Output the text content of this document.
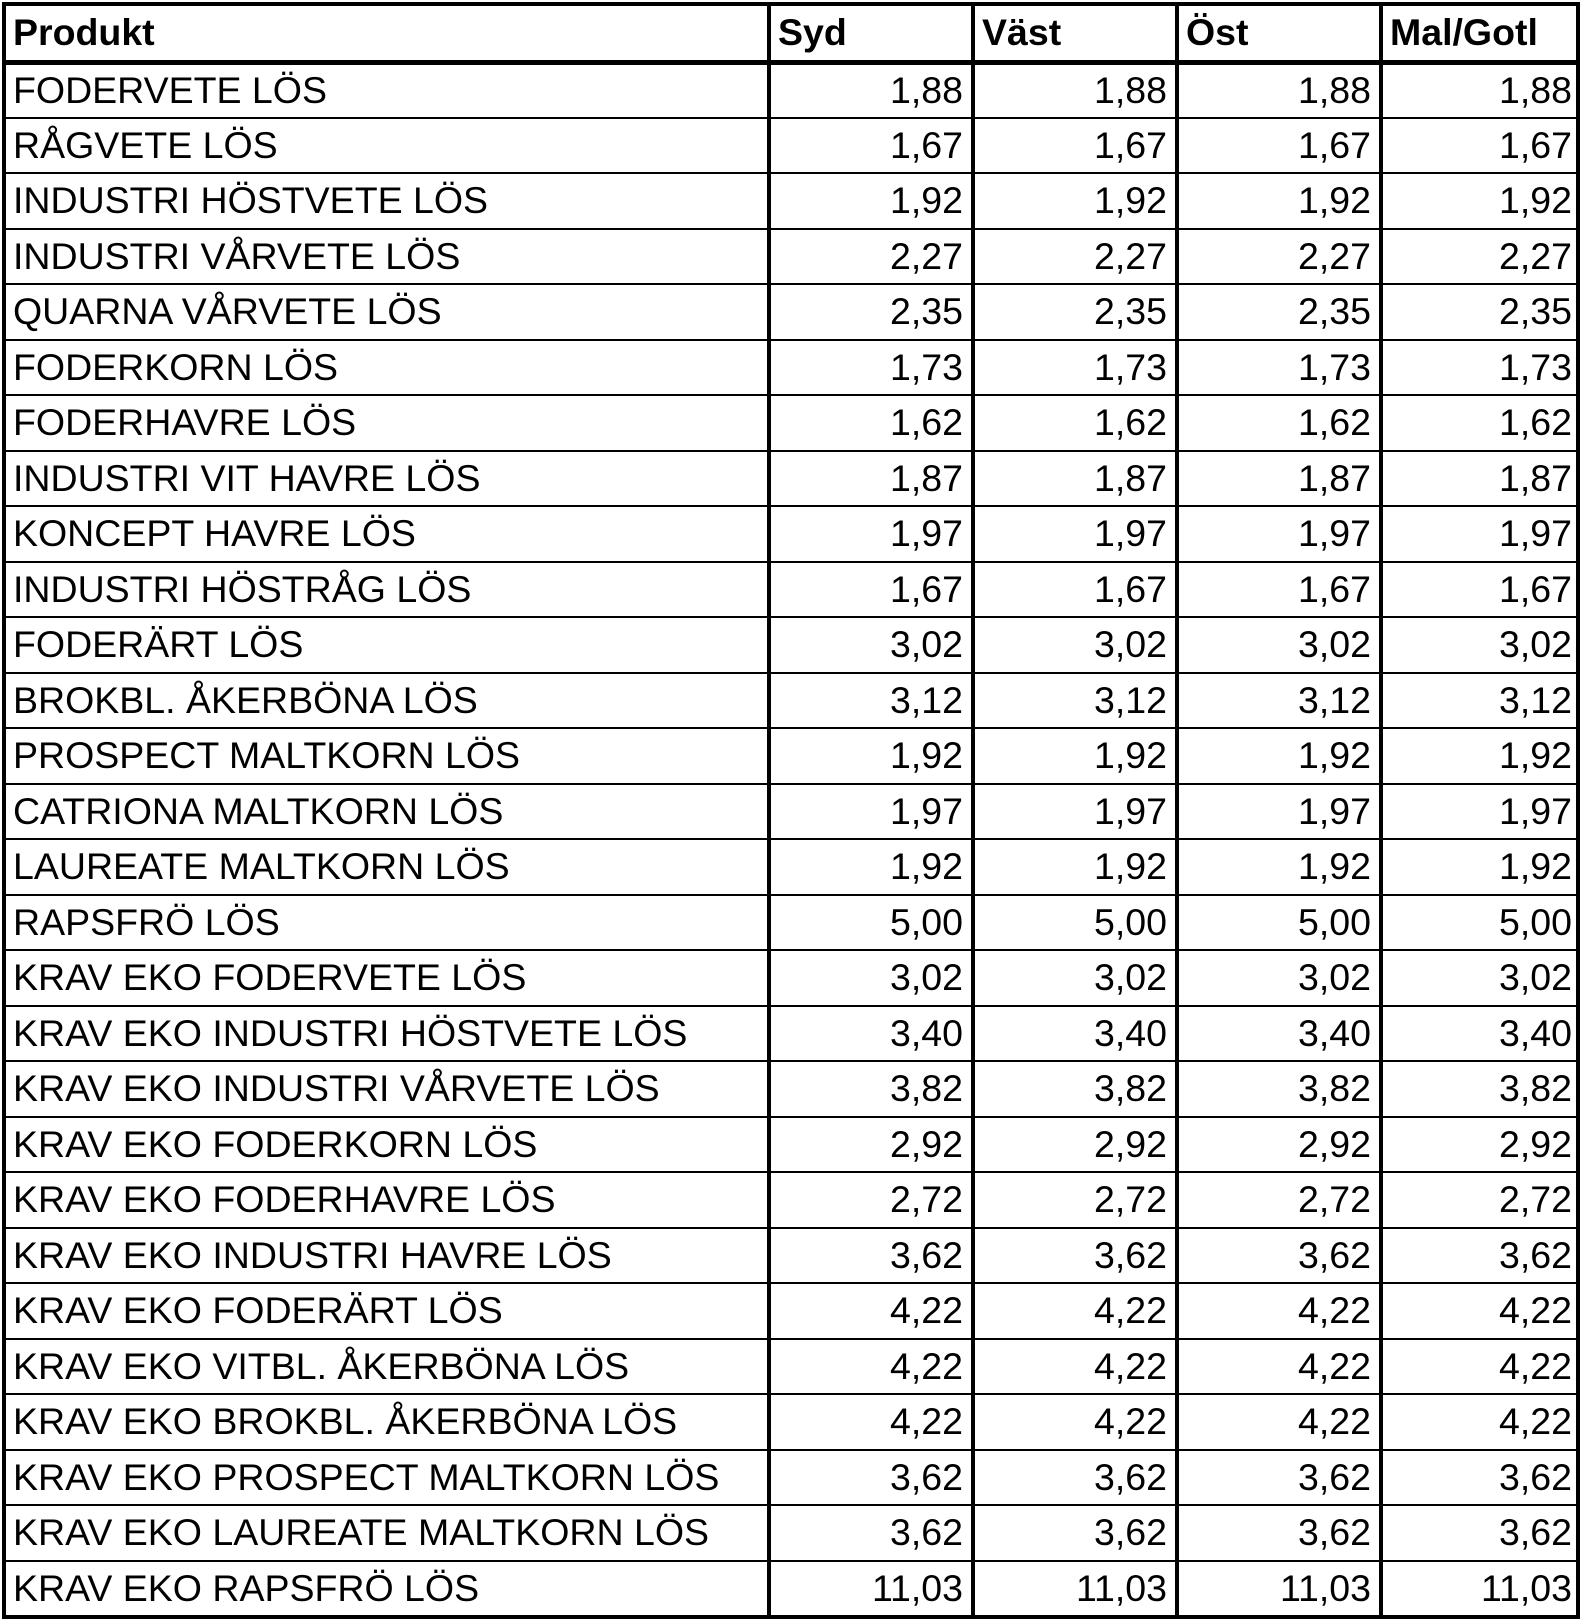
Produkt	Syd	Väst	Öst	Mal/Gotl
FODERVETE LÖS	1,88	1,88	1,88	1,88
RÅGVETE LÖS	1,67	1,67	1,67	1,67
INDUSTRI HÖSTVETE LÖS	1,92	1,92	1,92	1,92
INDUSTRI VÅRVETE LÖS	2,27	2,27	2,27	2,27
QUARNA VÅRVETE LÖS	2,35	2,35	2,35	2,35
FODERKORN LÖS	1,73	1,73	1,73	1,73
FODERHAVRE LÖS	1,62	1,62	1,62	1,62
INDUSTRI VIT HAVRE LÖS	1,87	1,87	1,87	1,87
KONCEPT HAVRE LÖS	1,97	1,97	1,97	1,97
INDUSTRI HÖSTRÅG LÖS	1,67	1,67	1,67	1,67
FODERÄRT LÖS	3,02	3,02	3,02	3,02
BROKBL. ÅKERBÖNA LÖS	3,12	3,12	3,12	3,12
PROSPECT MALTKORN LÖS	1,92	1,92	1,92	1,92
CATRIONA MALTKORN LÖS	1,97	1,97	1,97	1,97
LAUREATE MALTKORN LÖS	1,92	1,92	1,92	1,92
RAPSFRÖ LÖS	5,00	5,00	5,00	5,00
KRAV EKO FODERVETE LÖS	3,02	3,02	3,02	3,02
KRAV EKO INDUSTRI HÖSTVETE LÖS	3,40	3,40	3,40	3,40
KRAV EKO INDUSTRI VÅRVETE LÖS	3,82	3,82	3,82	3,82
KRAV EKO FODERKORN LÖS	2,92	2,92	2,92	2,92
KRAV EKO FODERHAVRE LÖS	2,72	2,72	2,72	2,72
KRAV EKO INDUSTRI HAVRE LÖS	3,62	3,62	3,62	3,62
KRAV EKO FODERÄRT LÖS	4,22	4,22	4,22	4,22
KRAV EKO VITBL. ÅKERBÖNA LÖS	4,22	4,22	4,22	4,22
KRAV EKO BROKBL. ÅKERBÖNA LÖS	4,22	4,22	4,22	4,22
KRAV EKO PROSPECT MALTKORN LÖS	3,62	3,62	3,62	3,62
KRAV EKO LAUREATE MALTKORN LÖS	3,62	3,62	3,62	3,62
KRAV EKO RAPSFRÖ LÖS	11,03	11,03	11,03	11,03
